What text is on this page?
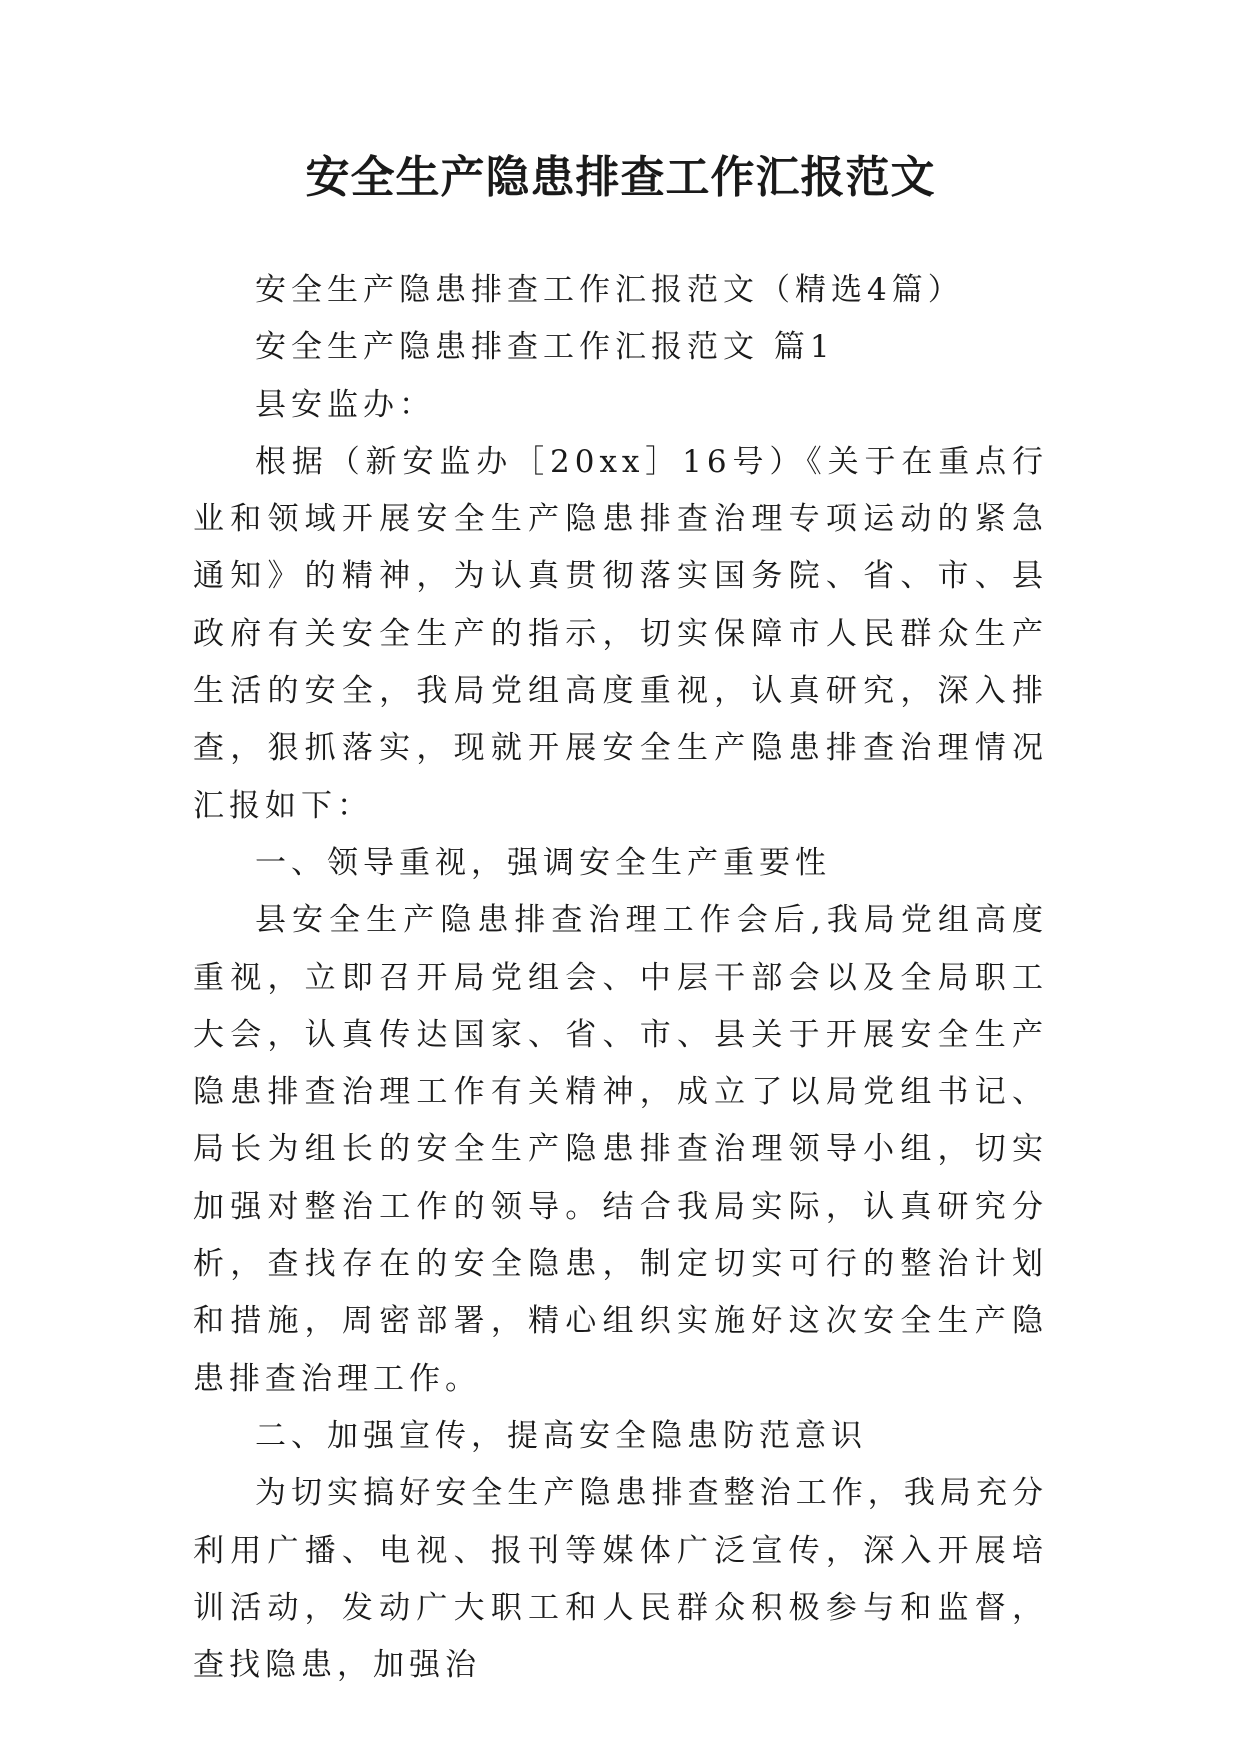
安全生产隐患排查工作汇报范文

安全生产隐患排查工作汇报范文（精选4篇）

安全生产隐患排查工作汇报范文 篇1

县安监办：

根据（新安监办［20xx］16号）《关于在重点行业和领域开展安全生产隐患排查治理专项运动的紧急通知》的精神，为认真贯彻落实国务院、省、市、县政府有关安全生产的指示，切实保障市人民群众生产生活的安全，我局党组高度重视，认真研究，深入排查，狠抓落实，现就开展安全生产隐患排查治理情况汇报如下：

一、领导重视，强调安全生产重要性

县安全生产隐患排查治理工作会后,我局党组高度重视，立即召开局党组会、中层干部会以及全局职工大会，认真传达国家、省、市、县关于开展安全生产隐患排查治理工作有关精神，成立了以局党组书记、局长为组长的安全生产隐患排查治理领导小组，切实加强对整治工作的领导。结合我局实际，认真研究分析，查找存在的安全隐患，制定切实可行的整治计划和措施，周密部署，精心组织实施好这次安全生产隐患排查治理工作。

二、加强宣传，提高安全隐患防范意识

为切实搞好安全生产隐患排查整治工作，我局充分利用广播、电视、报刊等媒体广泛宣传，深入开展培训活动，发动广大职工和人民群众积极参与和监督，查找隐患，加强治
